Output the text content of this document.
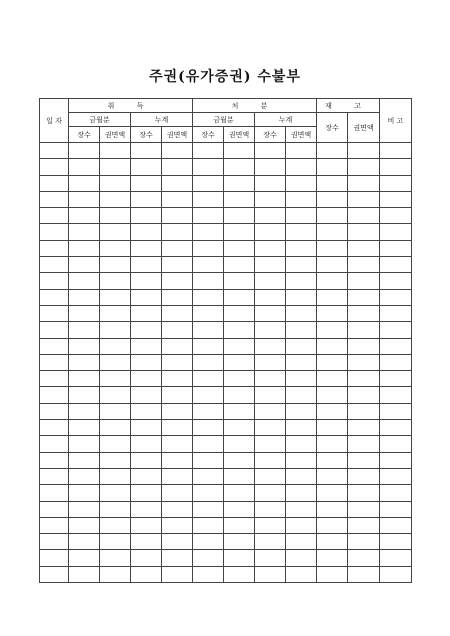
주권(유가증권) 수불부
일 자	취 득				처 분				재 고		비 고
	금월분		누계		금월분		누계		장수	권면액	
	장수	권면액	장수	권면액	장수	권면액	장수	권면액			
